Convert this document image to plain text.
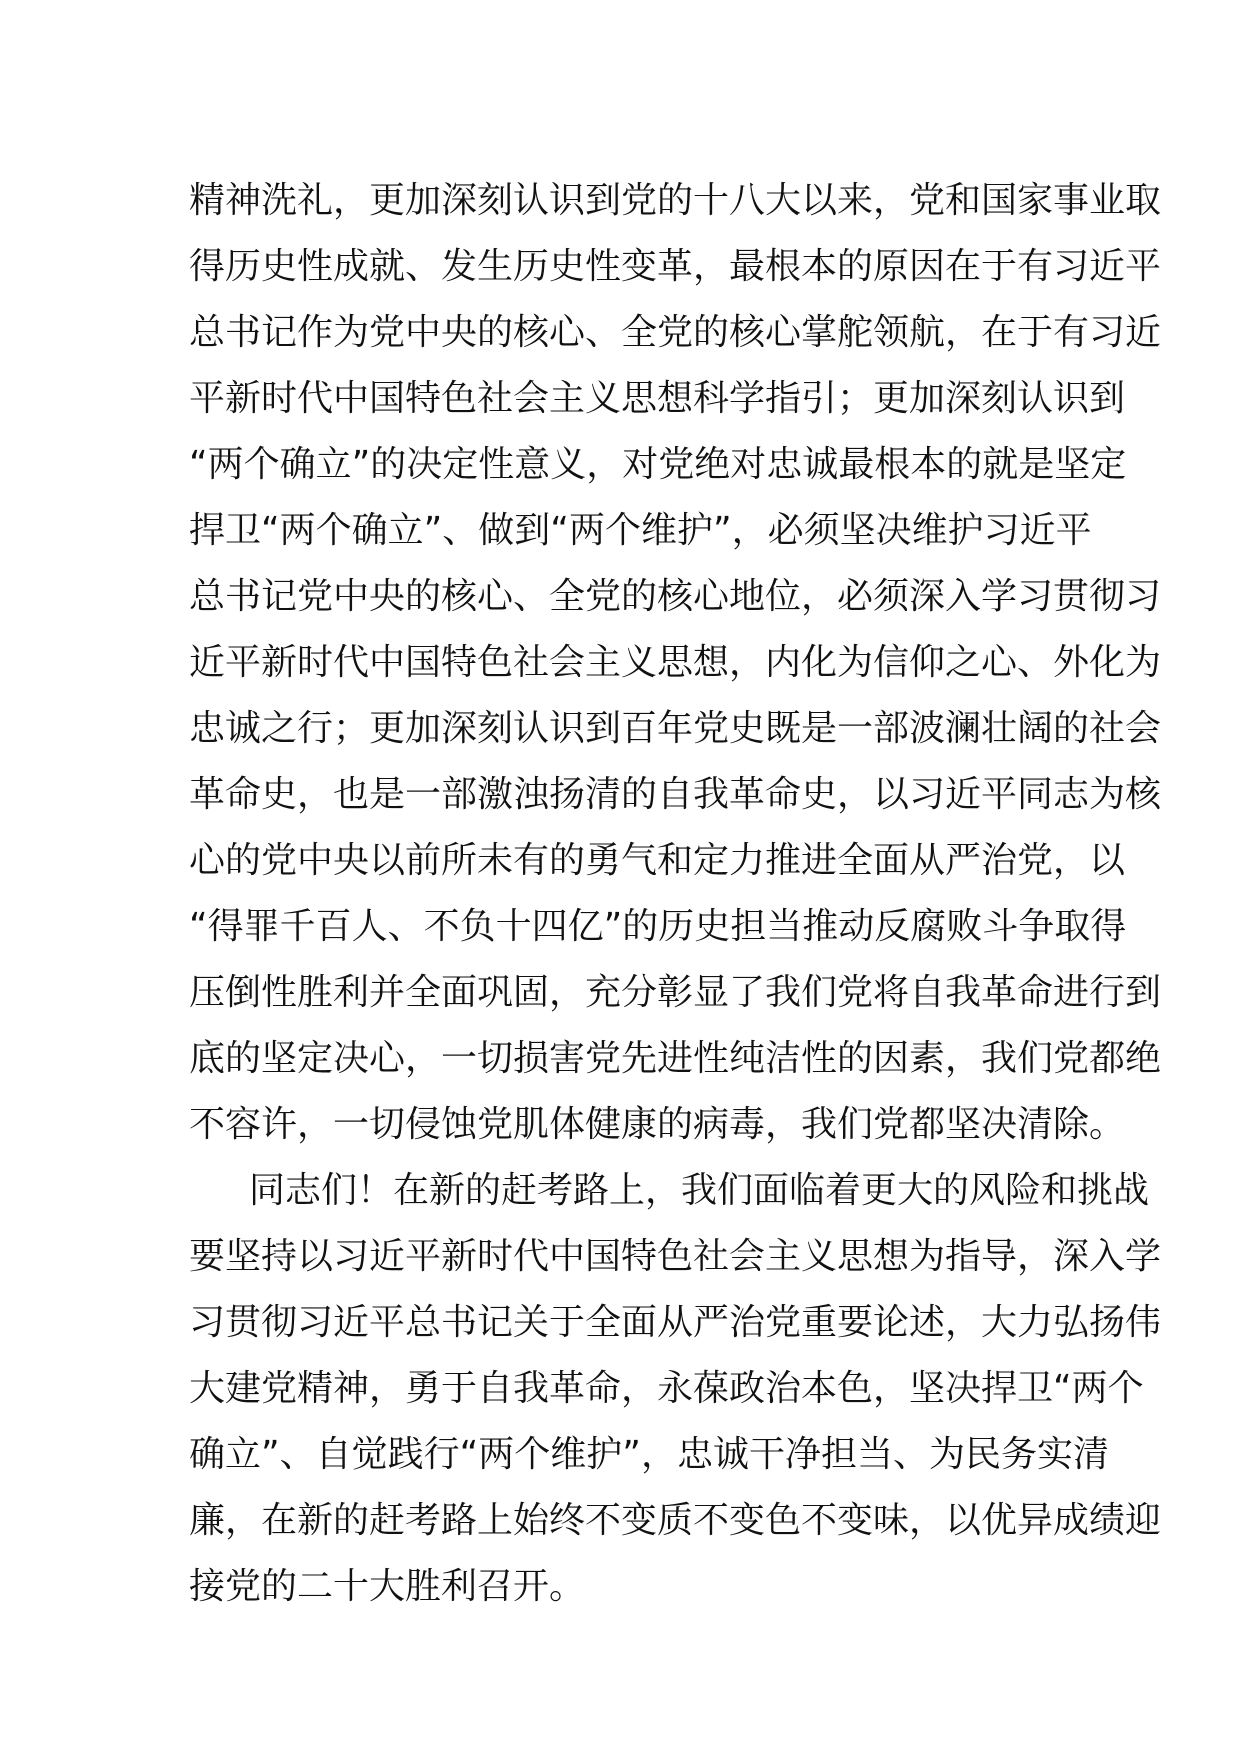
精神洗礼，更加深刻认识到党的十八大以来，党和国家事业取
得历史性成就、发生历史性变革，最根本的原因在于有习近平
总书记作为党中央的核心、全党的核心掌舵领航，在于有习近
平新时代中国特色社会主义思想科学指引；更加深刻认识到
“两个确立”的决定性意义，对党绝对忠诚最根本的就是坚定
捍卫“两个确立”、做到“两个维护”，必须坚决维护习近平
总书记党中央的核心、全党的核心地位，必须深入学习贯彻习
近平新时代中国特色社会主义思想，内化为信仰之心、外化为
忠诚之行；更加深刻认识到百年党史既是一部波澜壮阔的社会
革命史，也是一部激浊扬清的自我革命史，以习近平同志为核
心的党中央以前所未有的勇气和定力推进全面从严治党，以
“得罪千百人、不负十四亿”的历史担当推动反腐败斗争取得
压倒性胜利并全面巩固，充分彰显了我们党将自我革命进行到
底的坚定决心，一切损害党先进性纯洁性的因素，我们党都绝
不容许，一切侵蚀党肌体健康的病毒，我们党都坚决清除。
同志们！在新的赶考路上，我们面临着更大的风险和挑战
要坚持以习近平新时代中国特色社会主义思想为指导，深入学
习贯彻习近平总书记关于全面从严治党重要论述，大力弘扬伟
大建党精神，勇于自我革命，永葆政治本色，坚决捍卫“两个
确立”、自觉践行“两个维护”，忠诚干净担当、为民务实清
廉，在新的赶考路上始终不变质不变色不变味，以优异成绩迎
接党的二十大胜利召开。
